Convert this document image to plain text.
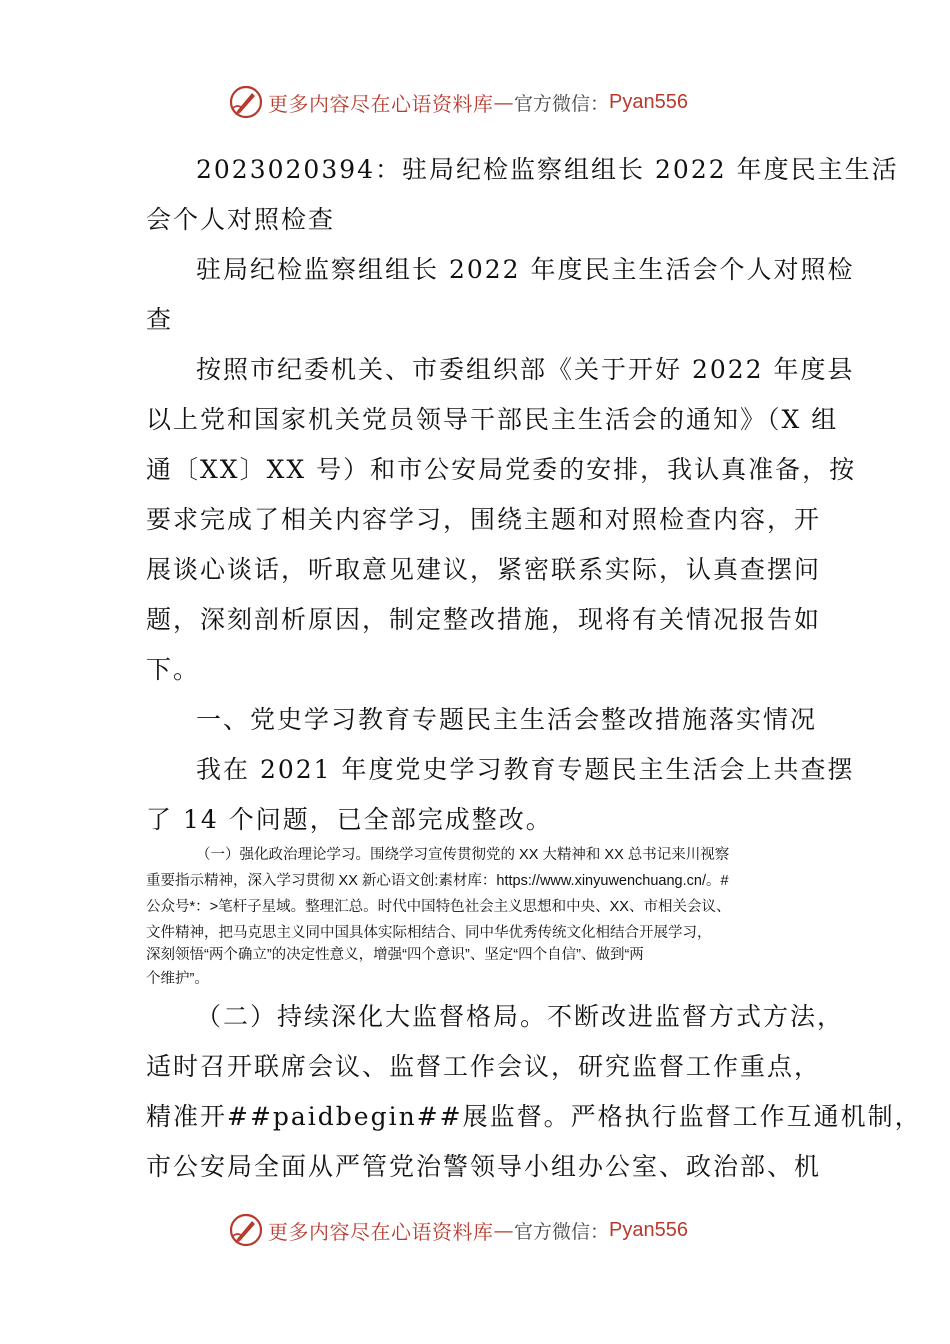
更多内容尽在心语资料库 — 官方微信： Pyan556
2023020394：驻局纪检监察组组长 2022 年度民主生活
会个人对照检查
驻局纪检监察组组长 2022 年度民主生活会个人对照检
查
按照市纪委机关、市委组织部《关于开好 2022 年度县
以上党和国家机关党员领导干部民主生活会的通知》（X 组
通〔XX〕XX 号）和市公安局党委的安排，我认真准备，按
要求完成了相关内容学习，围绕主题和对照检查内容，开
展谈心谈话，听取意见建议，紧密联系实际，认真查摆问
题，深刻剖析原因，制定整改措施，现将有关情况报告如
下。
一、党史学习教育专题民主生活会整改措施落实情况
我在 2021 年度党史学习教育专题民主生活会上共查摆
了 14 个问题，已全部完成整改。
（一）强化政治理论学习。围绕学习宣传贯彻党的 XX 大精神和 XX 总书记来川视察
重要指示精神，深入学习贯彻 XX 新心语文创:素材库：https://www.xinyuwenchuang.cn/。#
公众号*：>笔杆子星域。整理汇总。时代中国特色社会主义思想和中央、XX、市相关会议、
文件精神，把马克思主义同中国具体实际相结合、同中华优秀传统文化相结合开展学习，
深刻领悟“两个确立”的决定性意义，增强“四个意识”、坚定“四个自信”、做到“两
个维护”。
（二）持续深化大监督格局。不断改进监督方式方法，
适时召开联席会议、监督工作会议，研究监督工作重点，
精准开##paidbegin##展监督。严格执行监督工作互通机制，
市公安局全面从严管党治警领导小组办公室、政治部、机
更多内容尽在心语资料库 — 官方微信： Pyan556
